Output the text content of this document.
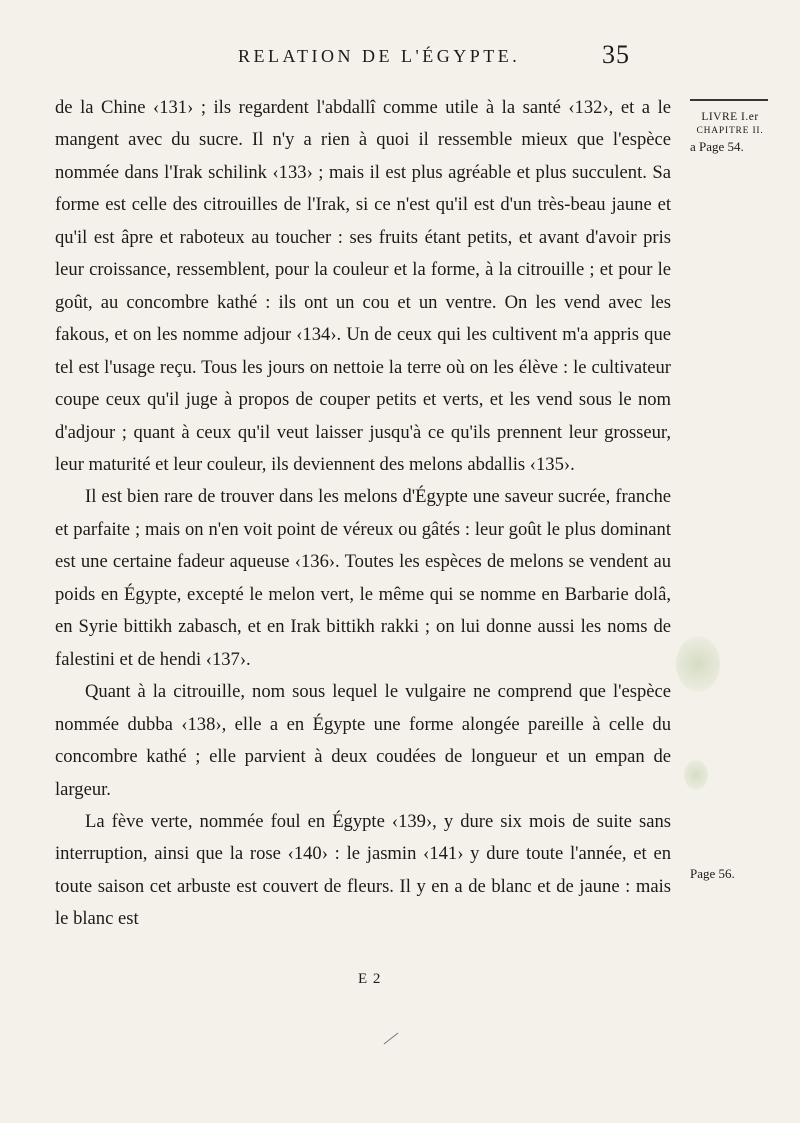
RELATION DE L'ÉGYPTE.	35

de la Chine ‹131› ; ils regardent l'abdallî comme utile à la santé ‹132›, et a le mangent avec du sucre. Il n'y a rien à quoi il ressemble mieux que l'espèce nommée dans l'Irak schilink ‹133› ; mais il est plus agréable et plus succulent. Sa forme est celle des citrouilles de l'Irak, si ce n'est qu'il est d'un très-beau jaune et qu'il est âpre et raboteux au toucher : ses fruits étant petits, et avant d'avoir pris leur croissance, ressemblent, pour la couleur et la forme, à la citrouille ; et pour le goût, au concombre kathé : ils ont un cou et un ventre. On les vend avec les fakous, et on les nomme adjour ‹134›. Un de ceux qui les cultivent m'a appris que tel est l'usage reçu. Tous les jours on nettoie la terre où on les élève : le cultivateur coupe ceux qu'il juge à propos de couper petits et verts, et les vend sous le nom d'adjour ; quant à ceux qu'il veut laisser jusqu'à ce qu'ils prennent leur grosseur, leur maturité et leur couleur, ils deviennent des melons abdallis ‹135›.

Il est bien rare de trouver dans les melons d'Égypte une saveur sucrée, franche et parfaite ; mais on n'en voit point de véreux ou gâtés : leur goût le plus dominant est une certaine fadeur aqueuse ‹136›. Toutes les espèces de melons se vendent au poids en Égypte, excepté le melon vert, le même qui se nomme en Barbarie dolâ, en Syrie bittikh zabasch, et en Irak bittikh rakki ; on lui donne aussi les noms de falestini et de hendi ‹137›.

Quant à la citrouille, nom sous lequel le vulgaire ne comprend que l'espèce nommée dubba ‹138›, elle a en Égypte une forme alongée pareille à celle du concombre kathé ; elle parvient à deux coudées de longueur et un empan de largeur.

La fève verte, nommée foul en Égypte ‹139›, y dure six mois de suite sans interruption, ainsi que la rose ‹140› : le jasmin ‹141› y dure toute l'année, et en toute saison cet arbuste est couvert de fleurs. Il y en a de blanc et de jaune : mais le blanc est

LIVRE I.er
CHAPITRE II.
a Page 54.
Page 56.
E 2
